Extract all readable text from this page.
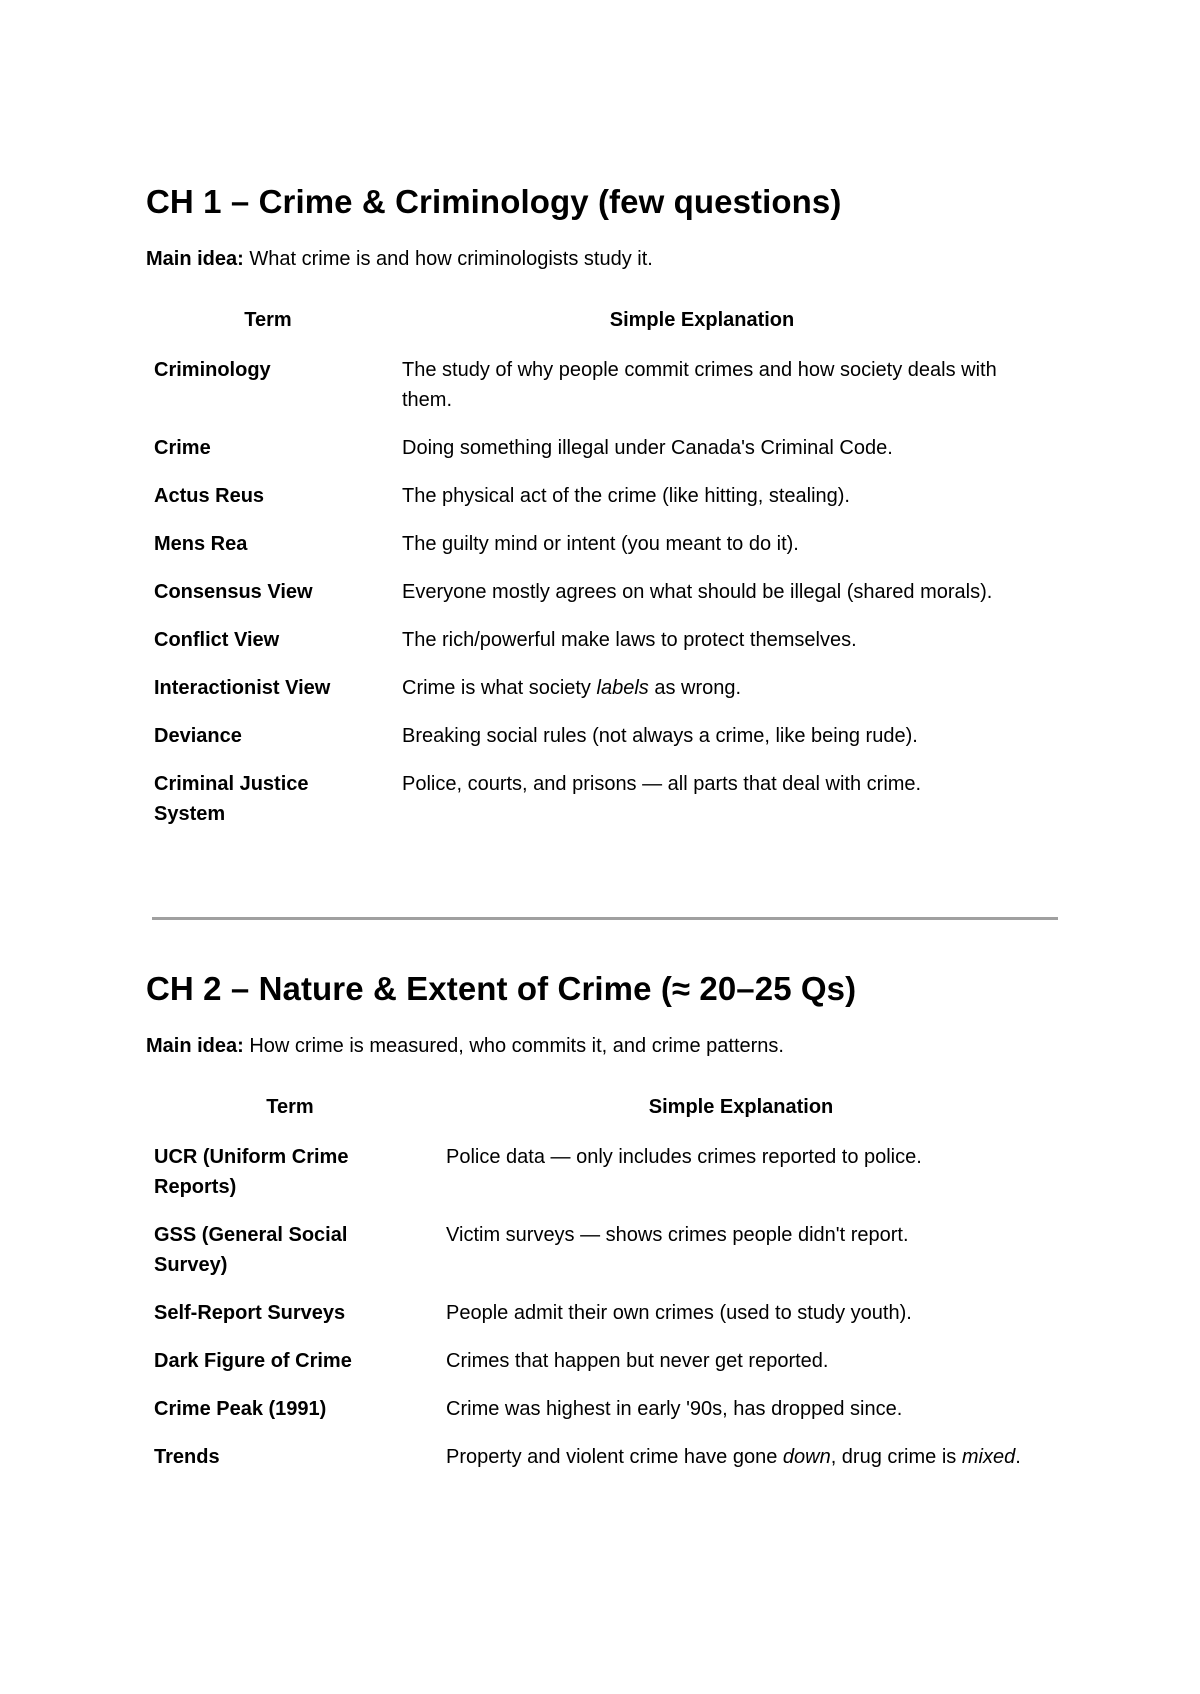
CH 1 – Crime & Criminology (few questions)
Main idea: What crime is and how criminologists study it.
Term	Simple Explanation
Criminology	The study of why people commit crimes and how society deals with them.
Crime	Doing something illegal under Canada's Criminal Code.
Actus Reus	The physical act of the crime (like hitting, stealing).
Mens Rea	The guilty mind or intent (you meant to do it).
Consensus View	Everyone mostly agrees on what should be illegal (shared morals).
Conflict View	The rich/powerful make laws to protect themselves.
Interactionist View	Crime is what society labels as wrong.
Deviance	Breaking social rules (not always a crime, like being rude).
Criminal Justice System	Police, courts, and prisons — all parts that deal with crime.
CH 2 – Nature & Extent of Crime (≈ 20–25 Qs)
Main idea: How crime is measured, who commits it, and crime patterns.
Term	Simple Explanation
UCR (Uniform Crime Reports)	Police data — only includes crimes reported to police.
GSS (General Social Survey)	Victim surveys — shows crimes people didn't report.
Self-Report Surveys	People admit their own crimes (used to study youth).
Dark Figure of Crime	Crimes that happen but never get reported.
Crime Peak (1991)	Crime was highest in early '90s, has dropped since.
Trends	Property and violent crime have gone down, drug crime is mixed.
